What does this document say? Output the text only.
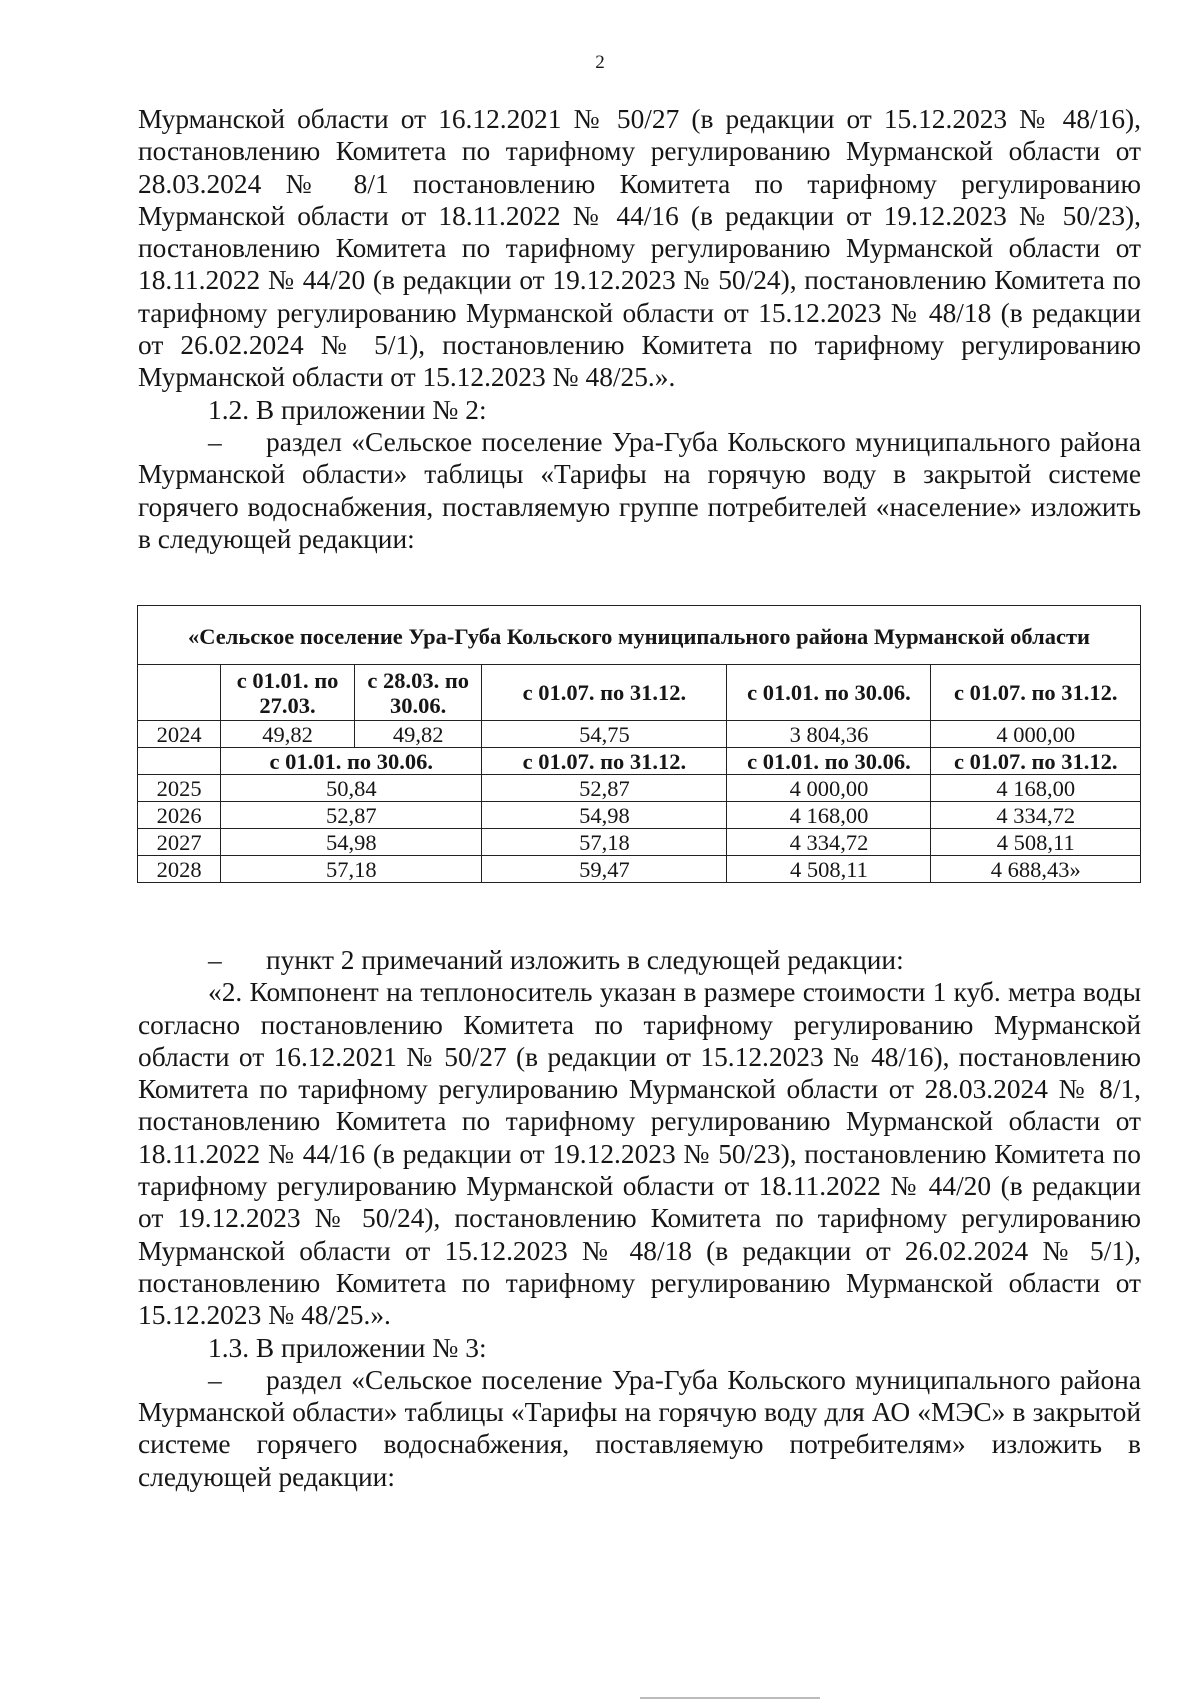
2

Мурманской области от 16.12.2021 № 50/27 (в редакции от 15.12.2023 № 48/16), постановлению Комитета по тарифному регулированию Мурманской области от 28.03.2024 № 8/1 постановлению Комитета по тарифному регулированию Мурманской области от 18.11.2022 № 44/16 (в редакции от 19.12.2023 № 50/23), постановлению Комитета по тарифному регулированию Мурманской области от 18.11.2022 № 44/20 (в редакции от 19.12.2023 № 50/24), постановлению Комитета по тарифному регулированию Мурманской области от 15.12.2023 № 48/18 (в редакции от 26.02.2024 № 5/1), постановлению Комитета по тарифному регулированию Мурманской области от 15.12.2023 № 48/25.».

1.2. В приложении № 2:

– раздел «Сельское поселение Ура-Губа Кольского муниципального района Мурманской области» таблицы «Тарифы на горячую воду в закрытой системе горячего водоснабжения, поставляемую группе потребителей «население» изложить в следующей редакции:

«Сельское поселение Ура-Губа Кольского муниципального района Мурманской области					
	с 01.01. по 27.03.	с 28.03. по 30.06.	с 01.07. по 31.12.	с 01.01. по 30.06.	с 01.07. по 31.12.
2024	49,82	49,82	54,75	3 804,36	4 000,00
	с 01.01. по 30.06.		с 01.07. по 31.12.	с 01.01. по 30.06.	с 01.07. по 31.12.
2025	50,84		52,87	4 000,00	4 168,00
2026	52,87		54,98	4 168,00	4 334,72
2027	54,98		57,18	4 334,72	4 508,11
2028	57,18		59,47	4 508,11	4 688,43»

– пункт 2 примечаний изложить в следующей редакции:

«2. Компонент на теплоноситель указан в размере стоимости 1 куб. метра воды согласно постановлению Комитета по тарифному регулированию Мурманской области от 16.12.2021 № 50/27 (в редакции от 15.12.2023 № 48/16), постановлению Комитета по тарифному регулированию Мурманской области от 28.03.2024 № 8/1, постановлению Комитета по тарифному регулированию Мурманской области от 18.11.2022 № 44/16 (в редакции от 19.12.2023 № 50/23), постановлению Комитета по тарифному регулированию Мурманской области от 18.11.2022 № 44/20 (в редакции от 19.12.2023 № 50/24), постановлению Комитета по тарифному регулированию Мурманской области от 15.12.2023 № 48/18 (в редакции от 26.02.2024 № 5/1), постановлению Комитета по тарифному регулированию Мурманской области от 15.12.2023 № 48/25.».

1.3. В приложении № 3:

– раздел «Сельское поселение Ура-Губа Кольского муниципального района Мурманской области» таблицы «Тарифы на горячую воду для АО «МЭС» в закрытой системе горячего водоснабжения, поставляемую потребителям» изложить в следующей редакции:
